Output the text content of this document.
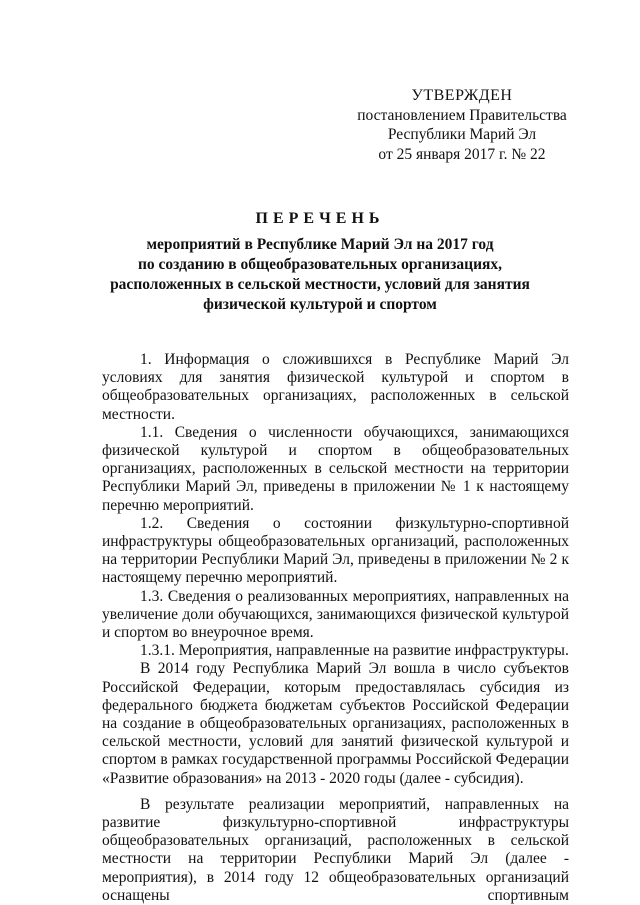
УТВЕРЖДЕН
постановлением Правительства
Республики Марий Эл
от 25 января 2017 г. № 22
ПЕРЕЧЕНЬ
мероприятий в Республике Марий Эл на 2017 год
по созданию в общеобразовательных организациях,
расположенных в сельской местности, условий для занятия
физической культурой и спортом

1. Информация о сложившихся в Республике Марий Эл условиях для занятия физической культурой и спортом в общеобразовательных организациях, расположенных в сельской местности.

1.1. Сведения о численности обучающихся, занимающихся физической культурой и спортом в общеобразовательных организациях, расположенных в сельской местности на территории Республики Марий Эл, приведены в приложении № 1 к настоящему перечню мероприятий.

1.2. Сведения о состоянии физкультурно-спортивной инфраструктуры общеобразовательных организаций, расположенных на территории Республики Марий Эл, приведены в приложении № 2 к настоящему перечню мероприятий.

1.3. Сведения о реализованных мероприятиях, направленных на увеличение доли обучающихся, занимающихся физической культурой и спортом во внеурочное время.

1.3.1. Мероприятия, направленные на развитие инфраструктуры.

В 2014 году Республика Марий Эл вошла в число субъектов Российской Федерации, которым предоставлялась субсидия из федерального бюджета бюджетам субъектов Российской Федерации на создание в общеобразовательных организациях, расположенных в сельской местности, условий для занятий физической культурой и спортом в рамках государственной программы Российской Федерации «Развитие образования» на 2013 - 2020 годы (далее - субсидия).

В результате реализации мероприятий, направленных на развитие физкультурно-спортивной инфраструктуры общеобразовательных организаций, расположенных в сельской местности на территории Республики Марий Эл (далее - мероприятия), в 2014 году 12 общеобразовательных организаций оснащены спортивным
